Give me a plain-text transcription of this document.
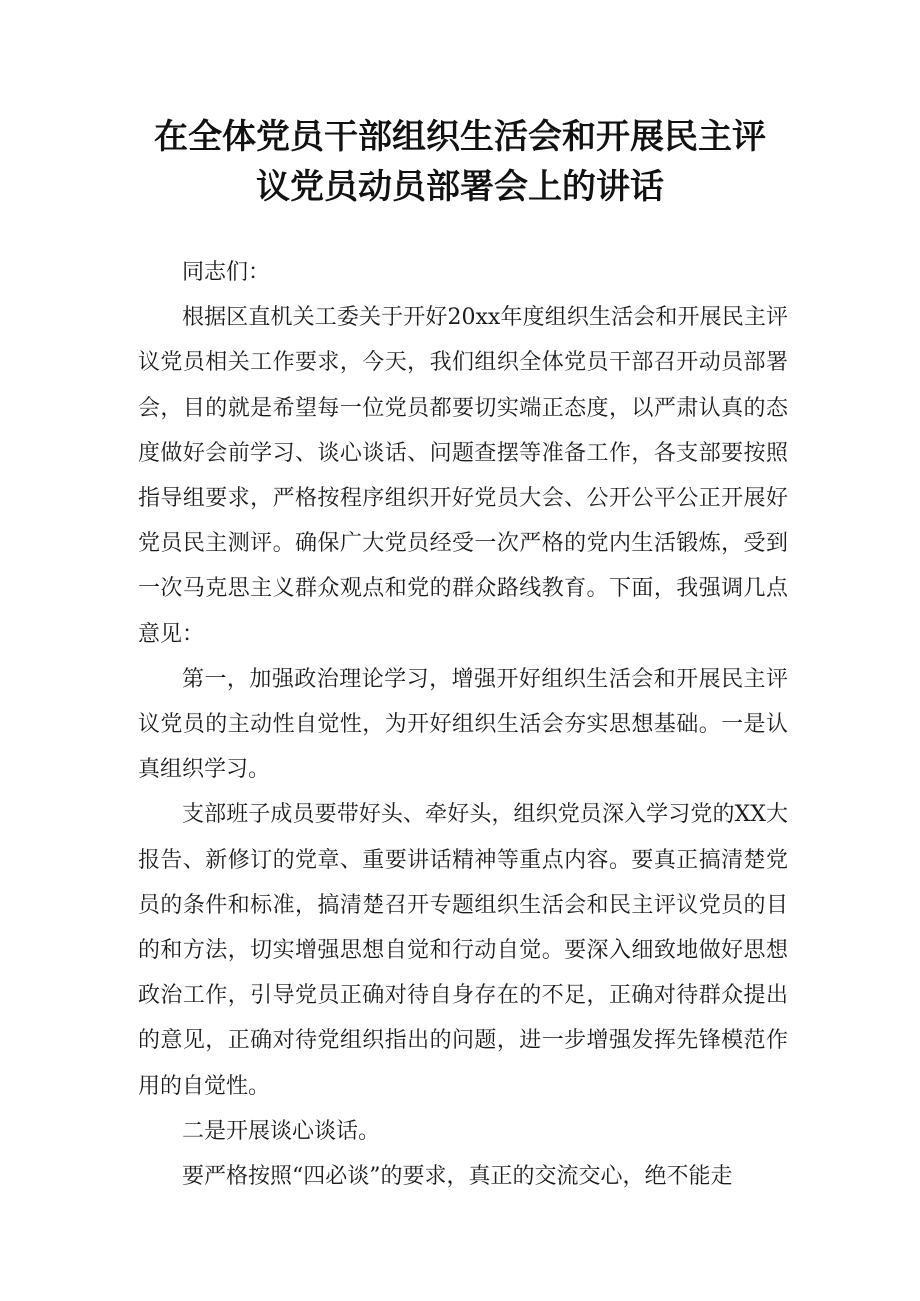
在全体党员干部组织生活会和开展民主评
议党员动员部署会上的讲话

同志们：

根据区直机关工委关于开好20xx年度组织生活会和开展民主评议党员相关工作要求，今天，我们组织全体党员干部召开动员部署会，目的就是希望每一位党员都要切实端正态度，以严肃认真的态度做好会前学习、谈心谈话、问题查摆等准备工作，各支部要按照指导组要求，严格按程序组织开好党员大会、公开公平公正开展好党员民主测评。确保广大党员经受一次严格的党内生活锻炼，受到一次马克思主义群众观点和党的群众路线教育。下面，我强调几点意见：

第一，加强政治理论学习，增强开好组织生活会和开展民主评议党员的主动性自觉性，为开好组织生活会夯实思想基础。一是认真组织学习。

支部班子成员要带好头、牵好头，组织党员深入学习党的XX大报告、新修订的党章、重要讲话精神等重点内容。要真正搞清楚党员的条件和标准，搞清楚召开专题组织生活会和民主评议党员的目的和方法，切实增强思想自觉和行动自觉。要深入细致地做好思想政治工作，引导党员正确对待自身存在的不足，正确对待群众提出的意见，正确对待党组织指出的问题，进一步增强发挥先锋模范作用的自觉性。

二是开展谈心谈话。

要严格按照“四必谈”的要求，真正的交流交心，绝不能走
